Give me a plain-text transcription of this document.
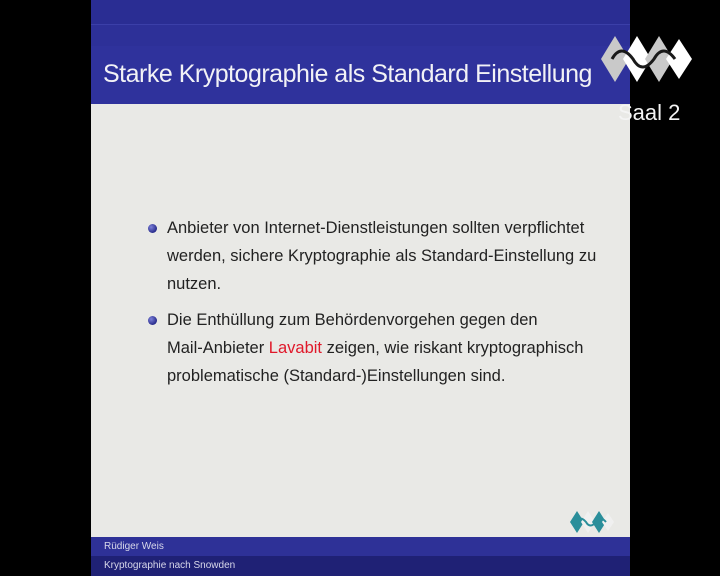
Starke Kryptographie als Standard Einstellung
Anbieter von Internet-Dienstleistungen sollten verpflichtet
werden, sichere Kryptographie als Standard-Einstellung zu
nutzen.
Die Enthüllung zum Behördenvorgehen gegen den
Mail-Anbieter Lavabit zeigen, wie riskant kryptographisch
problematische (Standard-)Einstellungen sind.
Rüdiger Weis
Kryptographie nach Snowden
Saal 2
